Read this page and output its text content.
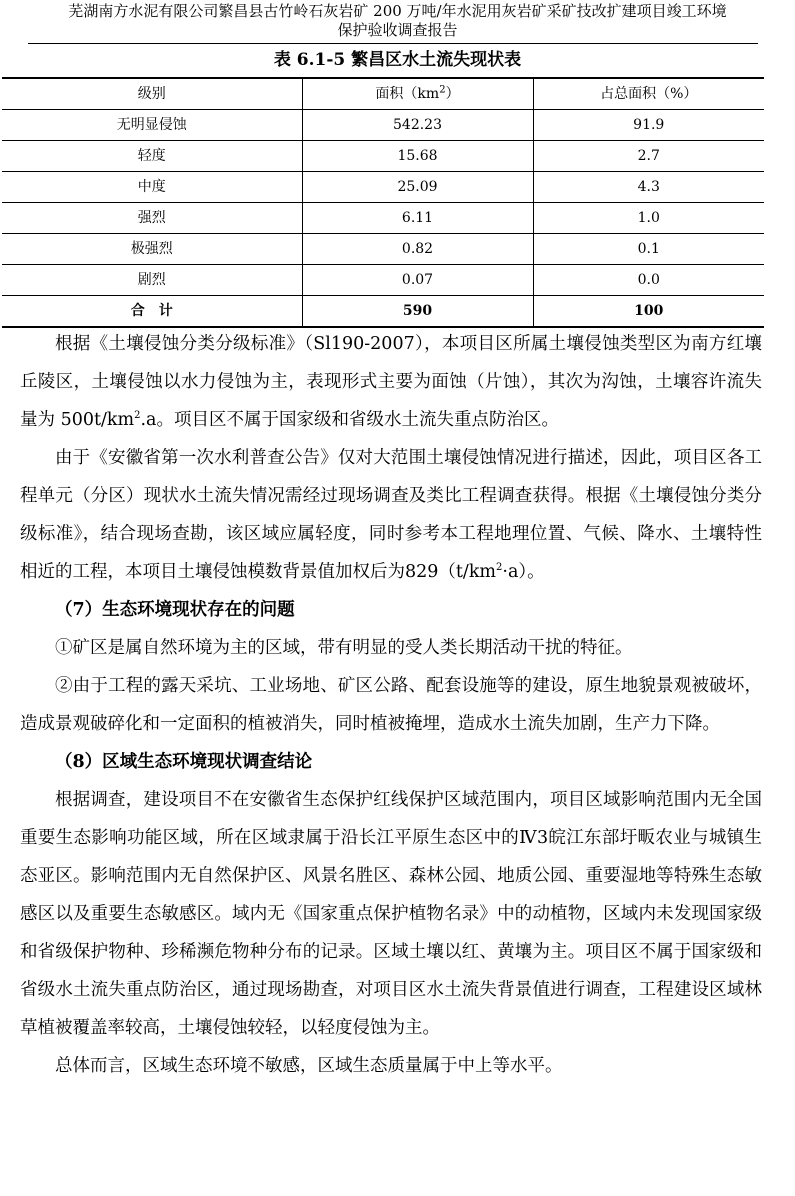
芜湖南方水泥有限公司繁昌县古竹岭石灰岩矿 200 万吨/年水泥用灰岩矿采矿技改扩建项目竣工环境
保护验收调查报告
表 6.1-5 繁昌区水土流失现状表
级别	面积$(km^2)$	占总面积（%）
无明显侵蚀	542.23	91.9
轻度	15.68	2.7
中度	25.09	4.3
强烈	6.11	1.0
极强烈	0.82	0.1
剧烈	0.07	0.0
合　计	590	100

根据《土壤侵蚀分类分级标准》（Sl190-2007），本项目区所属土壤侵蚀类型区为南方红壤丘陵区，土壤侵蚀以水力侵蚀为主，表现形式主要为面蚀（片蚀），其次为沟蚀，土壤容许流失量为 $500t/km^2.a$。项目区不属于国家级和省级水土流失重点防治区。

由于《安徽省第一次水利普查公告》仅对大范围土壤侵蚀情况进行描述，因此，项目区各工程单元（分区）现状水土流失情况需经过现场调查及类比工程调查获得。根据《土壤侵蚀分类分级标准》，结合现场查勘，该区域应属轻度，同时参考本工程地理位置、气候、降水、土壤特性相近的工程，本项目土壤侵蚀模数背景值加权后为$829(t/km^2\cdot a)$。

（7）生态环境现状存在的问题

①矿区是属自然环境为主的区域，带有明显的受人类长期活动干扰的特征。

②由于工程的露天采坑、工业场地、矿区公路、配套设施等的建设，原生地貌景观被破坏，造成景观破碎化和一定面积的植被消失，同时植被掩埋，造成水土流失加剧，生产力下降。

（8）区域生态环境现状调查结论

根据调查，建设项目不在安徽省生态保护红线保护区域范围内，项目区域影响范围内无全国重要生态影响功能区域，所在区域隶属于沿长江平原生态区中的Ⅳ3皖江东部圩畈农业与城镇生态亚区。影响范围内无自然保护区、风景名胜区、森林公园、地质公园、重要湿地等特殊生态敏感区以及重要生态敏感区。域内无《国家重点保护植物名录》中的动植物，区域内未发现国家级和省级保护物种、珍稀濒危物种分布的记录。区域土壤以红、黄壤为主。项目区不属于国家级和省级水土流失重点防治区，通过现场勘查，对项目区水土流失背景值进行调查，工程建设区域林草植被覆盖率较高，土壤侵蚀较轻，以轻度侵蚀为主。

总体而言，区域生态环境不敏感，区域生态质量属于中上等水平。
